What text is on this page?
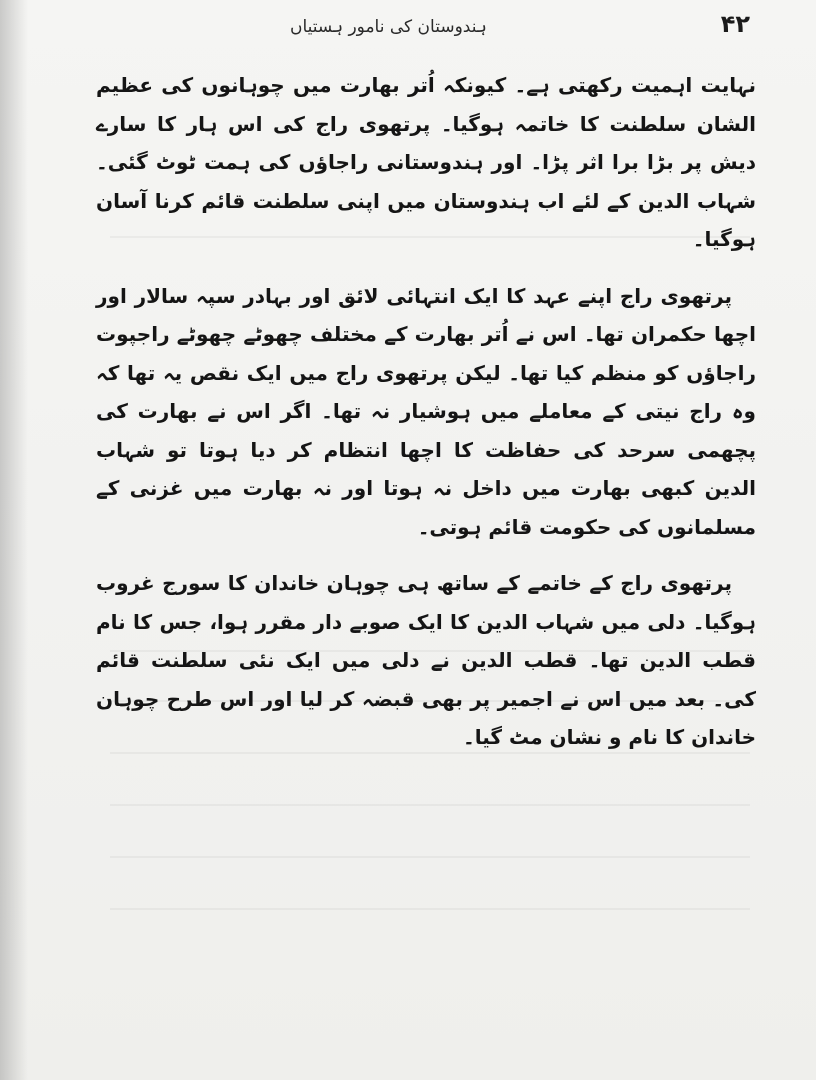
ہندوستان کی نامور ہستیاں	۴۲

نہایت اہمیت رکھتی ہے۔ کیونکہ اُتر بھارت میں چوہانوں کی عظیم الشان سلطنت کا خاتمہ ہوگیا۔ پرتھوی راج کی اس ہار کا سارے دیش پر بڑا برا اثر پڑا۔ اور ہندوستانی راجاؤں کی ہمت ٹوٹ گئی۔ شہاب الدین کے لئے اب ہندوستان میں اپنی سلطنت قائم کرنا آسان ہوگیا۔

پرتھوی راج اپنے عہد کا ایک انتہائی لائق اور بہادر سپہ سالار اور اچھا حکمران تھا۔ اس نے اُتر بھارت کے مختلف چھوٹے چھوٹے راجپوت راجاؤں کو منظم کیا تھا۔ لیکن پرتھوی راج میں ایک نقص یہ تھا کہ وہ راج نیتی کے معاملے میں ہوشیار نہ تھا۔ اگر اس نے بھارت کی پچھمی سرحد کی حفاظت کا اچھا انتظام کر دیا ہوتا تو شہاب الدین کبھی بھارت میں داخل نہ ہوتا اور نہ بھارت میں غزنی کے مسلمانوں کی حکومت قائم ہوتی۔

پرتھوی راج کے خاتمے کے ساتھ ہی چوہان خاندان کا سورج غروب ہوگیا۔ دلی میں شہاب الدین کا ایک صوبے دار مقرر ہوا، جس کا نام قطب الدین تھا۔ قطب الدین نے دلی میں ایک نئی سلطنت قائم کی۔ بعد میں اس نے اجمیر پر بھی قبضہ کر لیا اور اس طرح چوہان خاندان کا نام و نشان مٹ گیا۔
